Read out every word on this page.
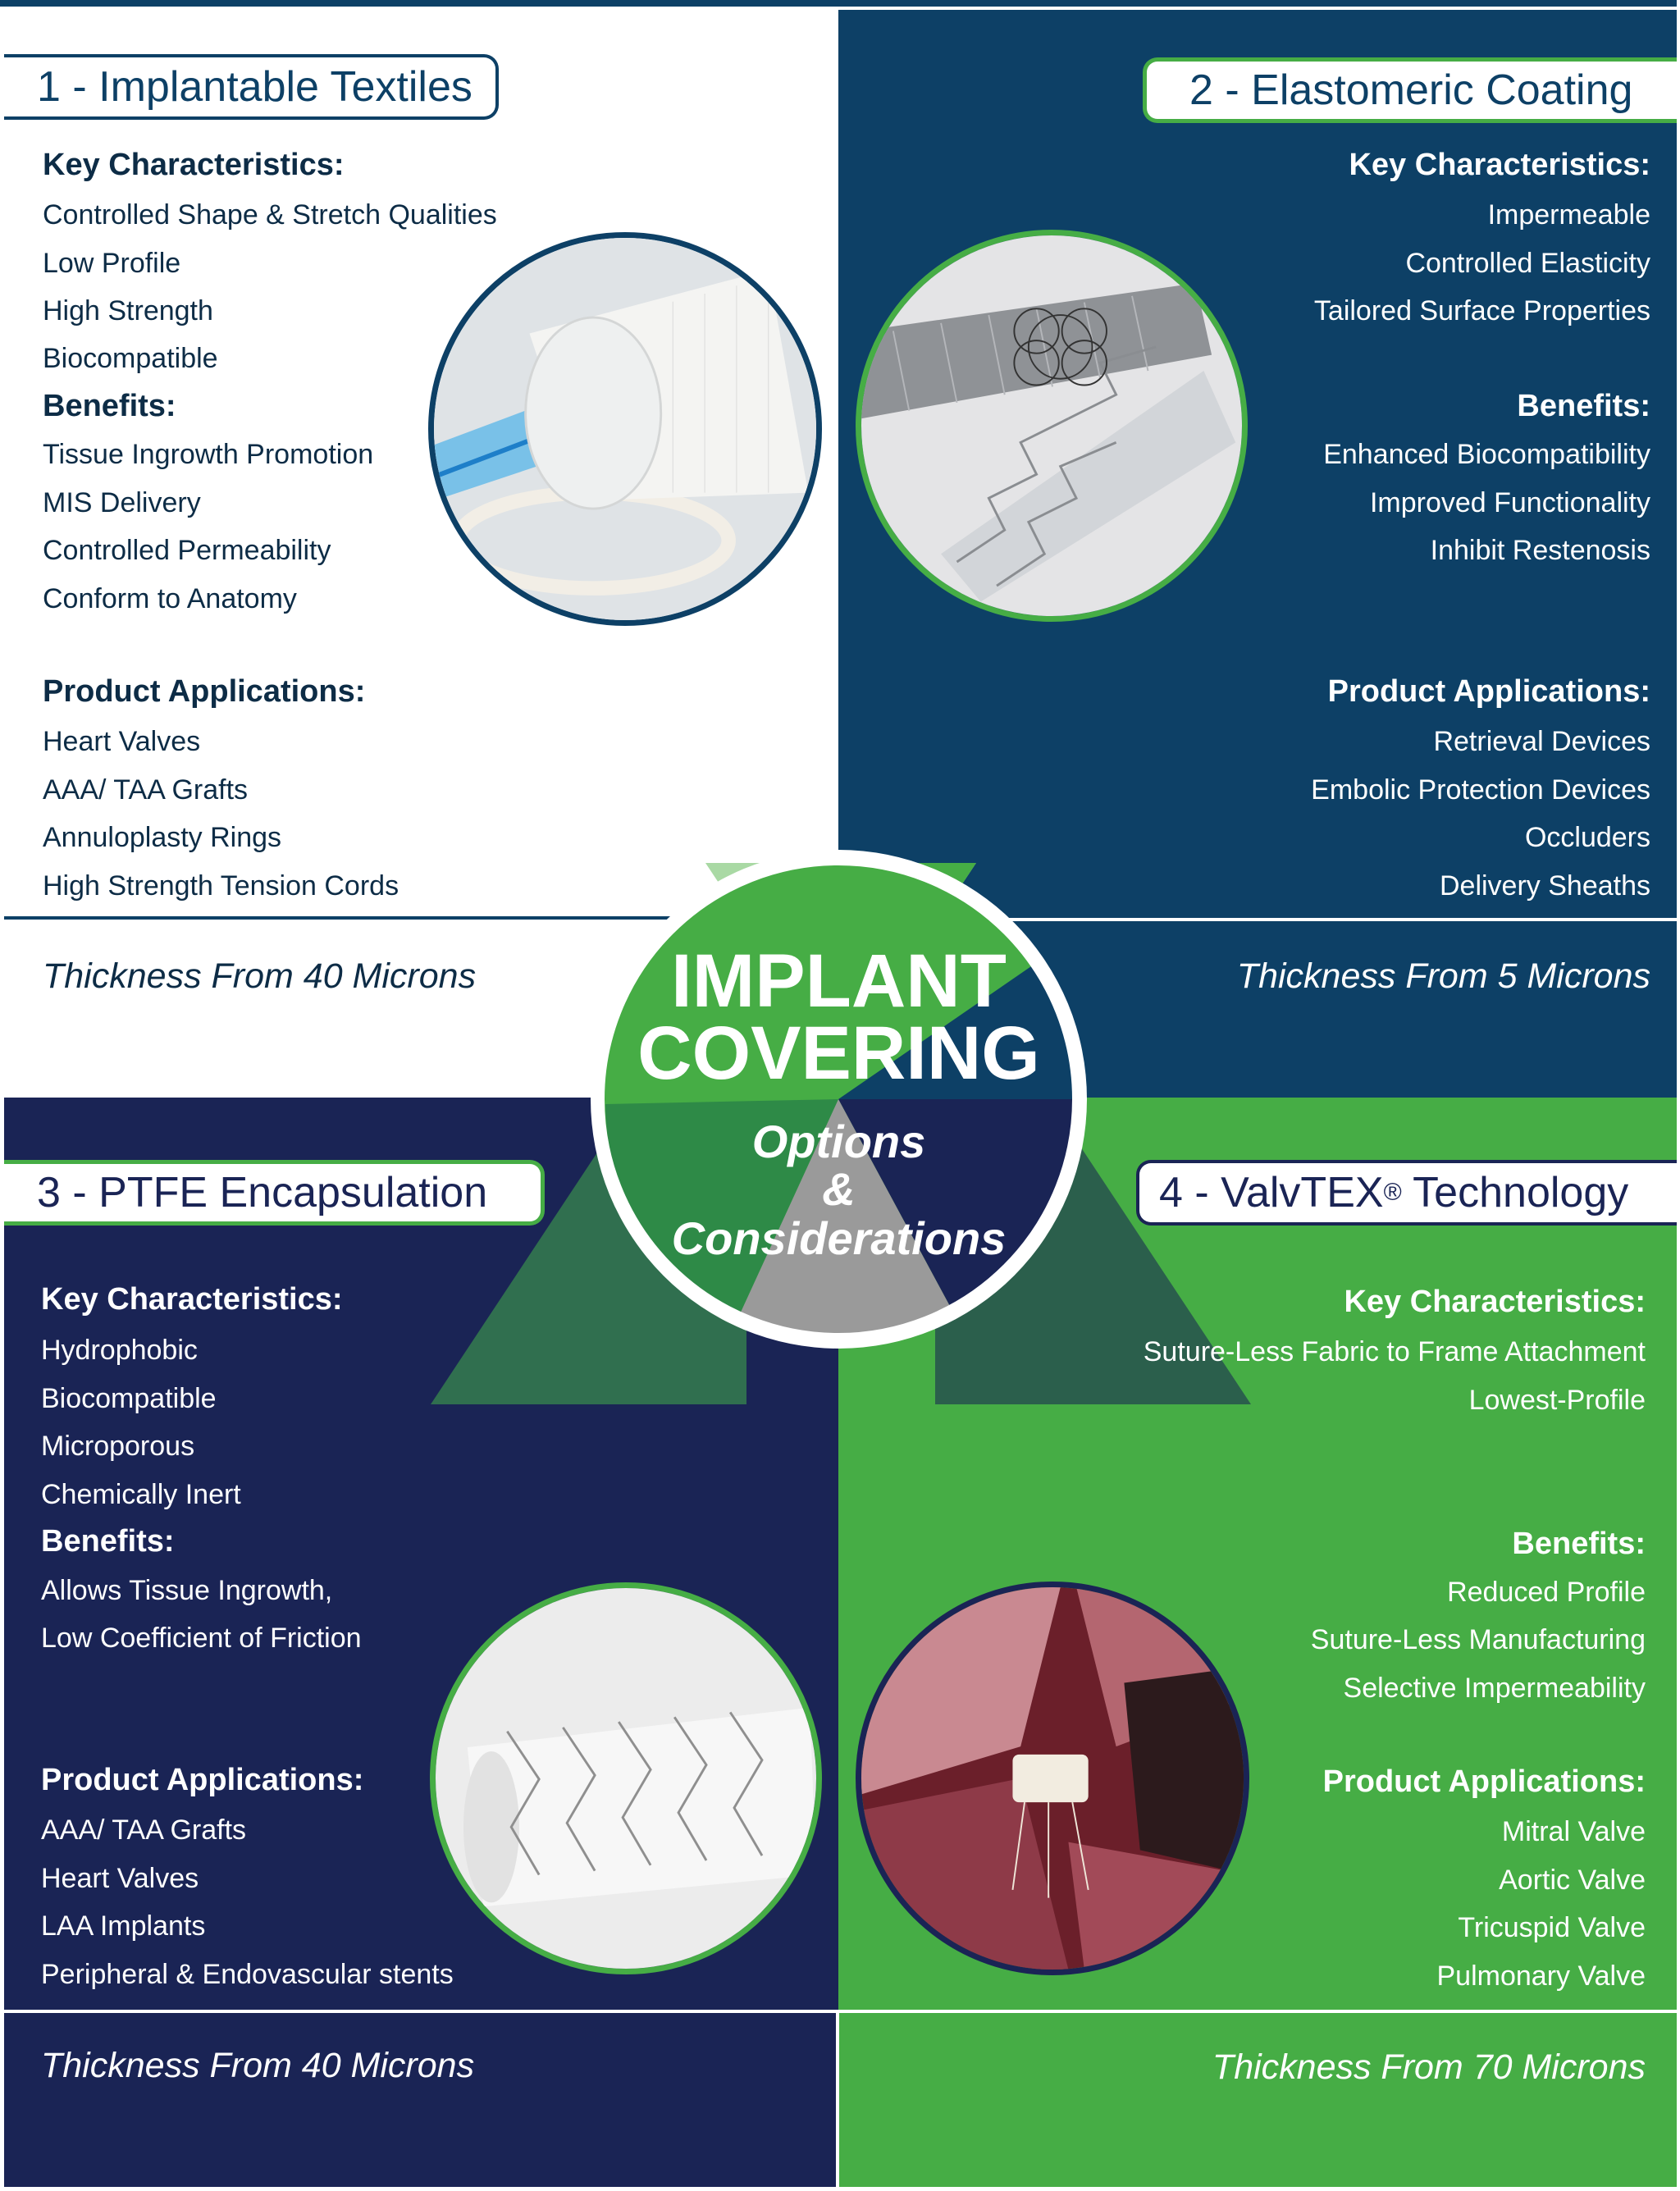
IMPLANT
COVERING
Options
&
Considerations
1 - Implantable Textiles
Key Characteristics:
Controlled Shape & Stretch Qualities
Low Profile
High Strength
Biocompatible
Benefits:
Tissue Ingrowth Promotion
MIS Delivery
Controlled Permeability
Conform to Anatomy
Product Applications:
Heart Valves
AAA/ TAA Grafts
Annuloplasty Rings
High Strength Tension Cords
Thickness From 40 Microns
2 - Elastomeric Coating
Key Characteristics:
Impermeable
Controlled Elasticity
Tailored Surface Properties
Benefits:
Enhanced Biocompatibility
Improved Functionality
Inhibit Restenosis
Product Applications:
Retrieval Devices
Embolic Protection Devices
Occluders
Delivery Sheaths
Thickness From 5 Microns
3 - PTFE Encapsulation
Key Characteristics:
Hydrophobic
Biocompatible
Microporous
Chemically Inert
Benefits:
Allows Tissue Ingrowth,
Low Coefficient of Friction
Product Applications:
AAA/ TAA Grafts
Heart Valves
LAA Implants
Peripheral & Endovascular stents
Thickness From 40 Microns
4 - ValvTEX ® Technology
Key Characteristics:
Suture-Less Fabric to Frame Attachment
Lowest-Profile
Benefits:
Reduced Profile
Suture-Less Manufacturing
Selective Impermeability
Product Applications:
Mitral Valve
Aortic Valve
Tricuspid Valve
Pulmonary Valve
Thickness From 70 Microns
